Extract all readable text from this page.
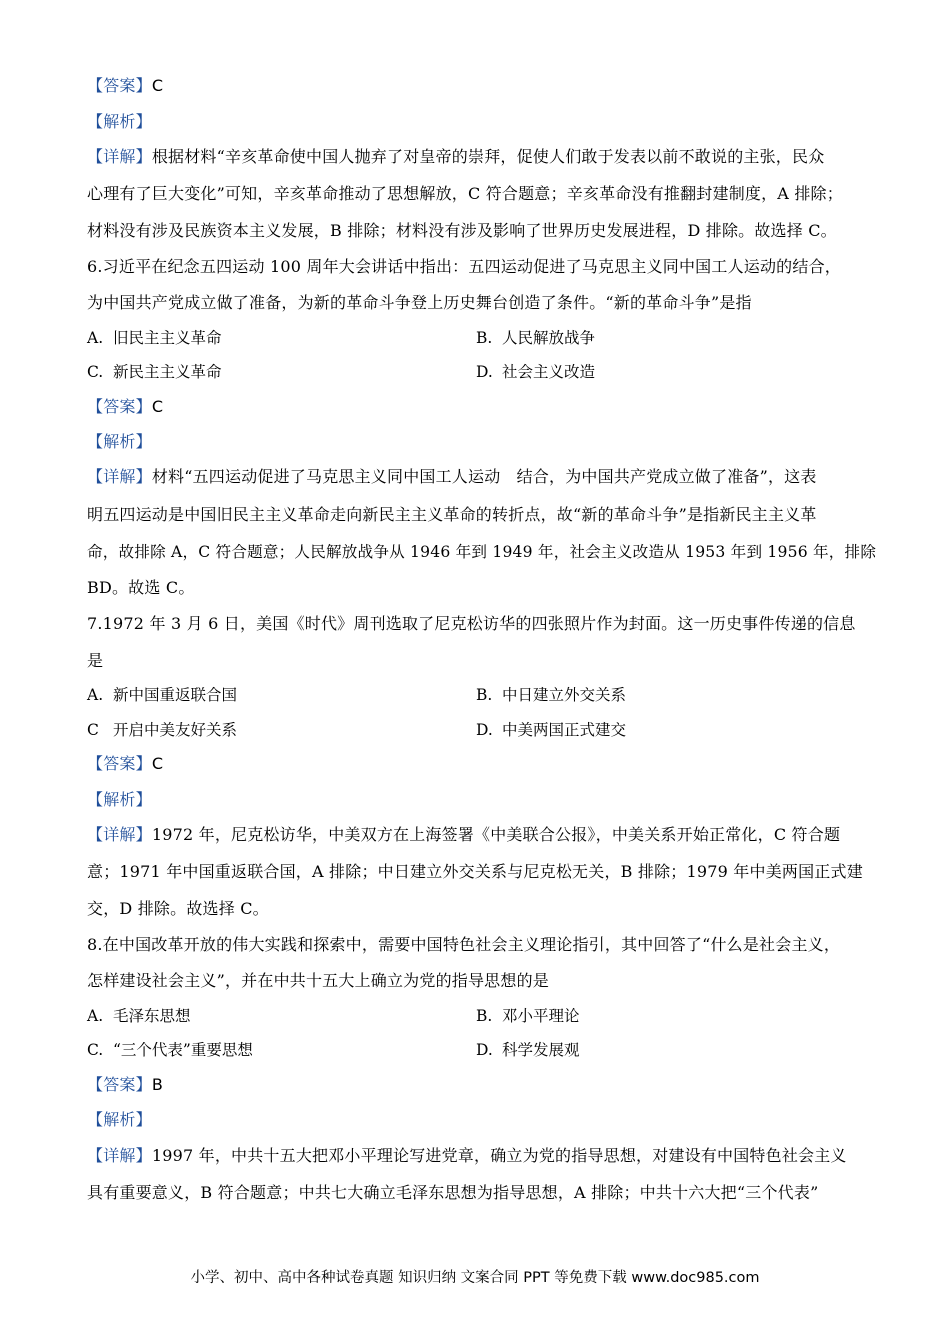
【答案】C
【解析】
【详解】根据材料“辛亥革命使中国人抛弃了对皇帝的崇拜，促使人们敢于发表以前不敢说的主张，民众
心理有了巨大变化”可知，辛亥革命推动了思想解放，C 符合题意；辛亥革命没有推翻封建制度，A 排除；
材料没有涉及民族资本主义发展，B 排除；材料没有涉及影响了世界历史发展进程，D 排除。故选择 C。
6.习近平在纪念五四运动 100 周年大会讲话中指出：五四运动促进了马克思主义同中国工人运动的结合，
为中国共产党成立做了准备，为新的革命斗争登上历史舞台创造了条件。“新的革命斗争”是指
A. 旧民主主义革命	B. 人民解放战争
C. 新民主主义革命	D. 社会主义改造
【答案】C
【解析】
【详解】材料“五四运动促进了马克思主义同中国工人运动　结合，为中国共产党成立做了准备”，这表
明五四运动是中国旧民主主义革命走向新民主主义革命的转折点，故“新的革命斗争”是指新民主主义革
命，故排除 A，C 符合题意；人民解放战争从 1946 年到 1949 年，社会主义改造从 1953 年到 1956 年，排除
BD。故选 C。
7.1972 年 3 月 6 日，美国《时代》周刊选取了尼克松访华的四张照片作为封面。这一历史事件传递的信息
是
A. 新中国重返联合国	B. 中日建立外交关系
C 开启中美友好关系	D. 中美两国正式建交
【答案】C
【解析】
【详解】1972 年，尼克松访华，中美双方在上海签署《中美联合公报》，中美关系开始正常化，C 符合题
意；1971 年中国重返联合国，A 排除；中日建立外交关系与尼克松无关，B 排除；1979 年中美两国正式建
交，D 排除。故选择 C。
8.在中国改革开放的伟大实践和探索中，需要中国特色社会主义理论指引，其中回答了“什么是社会主义，
怎样建设社会主义”，并在中共十五大上确立为党的指导思想的是
A. 毛泽东思想	B. 邓小平理论
C. “三个代表”重要思想	D. 科学发展观
【答案】B
【解析】
【详解】1997 年，中共十五大把邓小平理论写进党章，确立为党的指导思想，对建设有中国特色社会主义
具有重要意义，B 符合题意；中共七大确立毛泽东思想为指导思想，A 排除；中共十六大把“三个代表”
小学、初中、高中各种试卷真题 知识归纳 文案合同 PPT 等免费下载 www.doc985.com
